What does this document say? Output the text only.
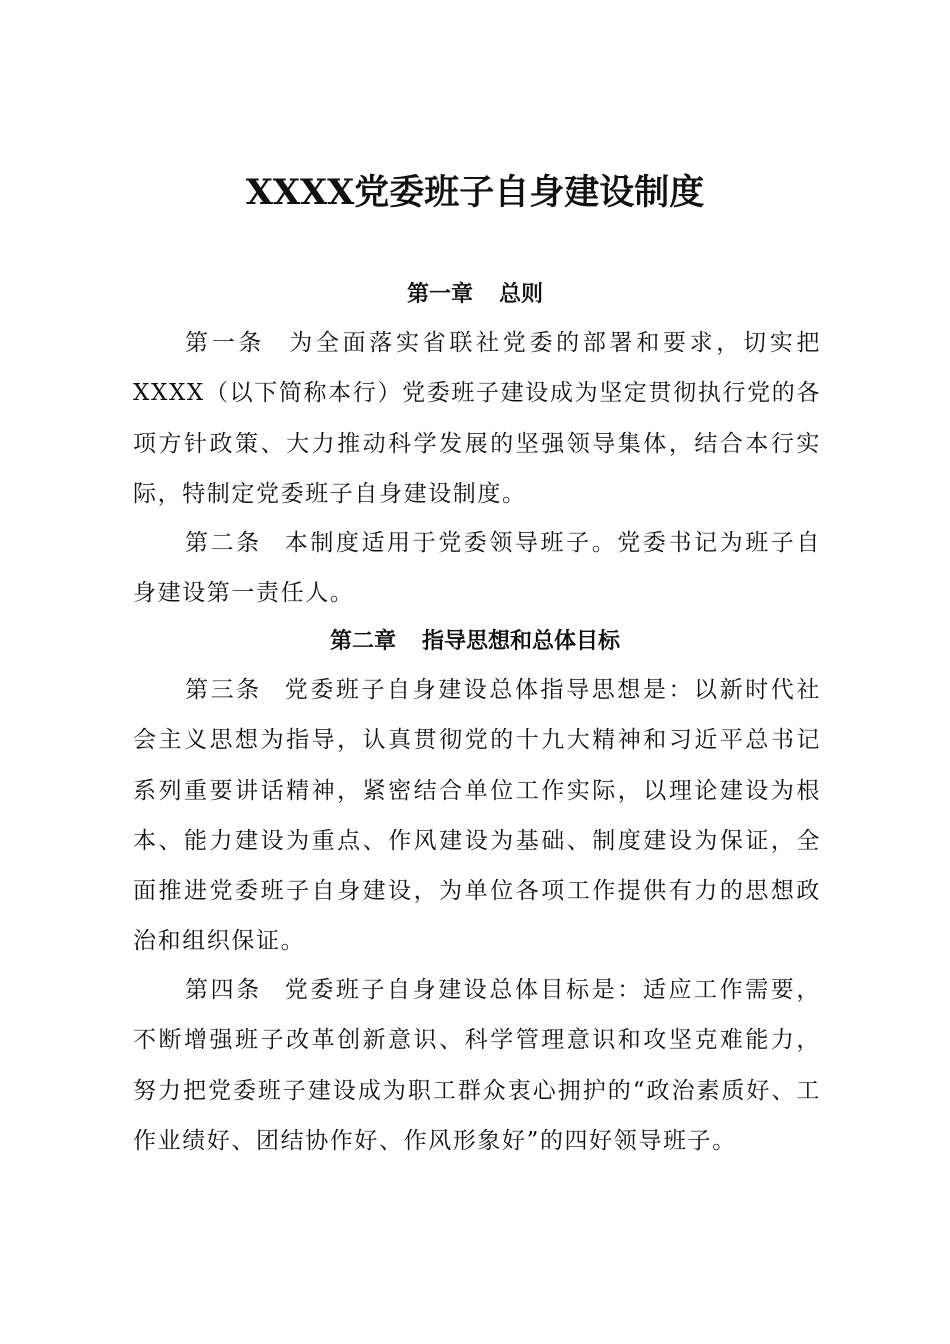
XXXX党委班子自身建设制度
第一章 总则

第一条 为全面落实省联社党委的部署和要求，切实把XXXX（以下简称本行）党委班子建设成为坚定贯彻执行党的各项方针政策、大力推动科学发展的坚强领导集体，结合本行实际，特制定党委班子自身建设制度。

第二条 本制度适用于党委领导班子。党委书记为班子自身建设第一责任人。

第二章 指导思想和总体目标

第三条 党委班子自身建设总体指导思想是：以新时代社会主义思想为指导，认真贯彻党的十九大精神和习近平总书记系列重要讲话精神，紧密结合单位工作实际，以理论建设为根本、能力建设为重点、作风建设为基础、制度建设为保证，全面推进党委班子自身建设，为单位各项工作提供有力的思想政治和组织保证。

第四条 党委班子自身建设总体目标是：适应工作需要，不断增强班子改革创新意识、科学管理意识和攻坚克难能力，努力把党委班子建设成为职工群众衷心拥护的“政治素质好、工作业绩好、团结协作好、作风形象好”的四好领导班子。
